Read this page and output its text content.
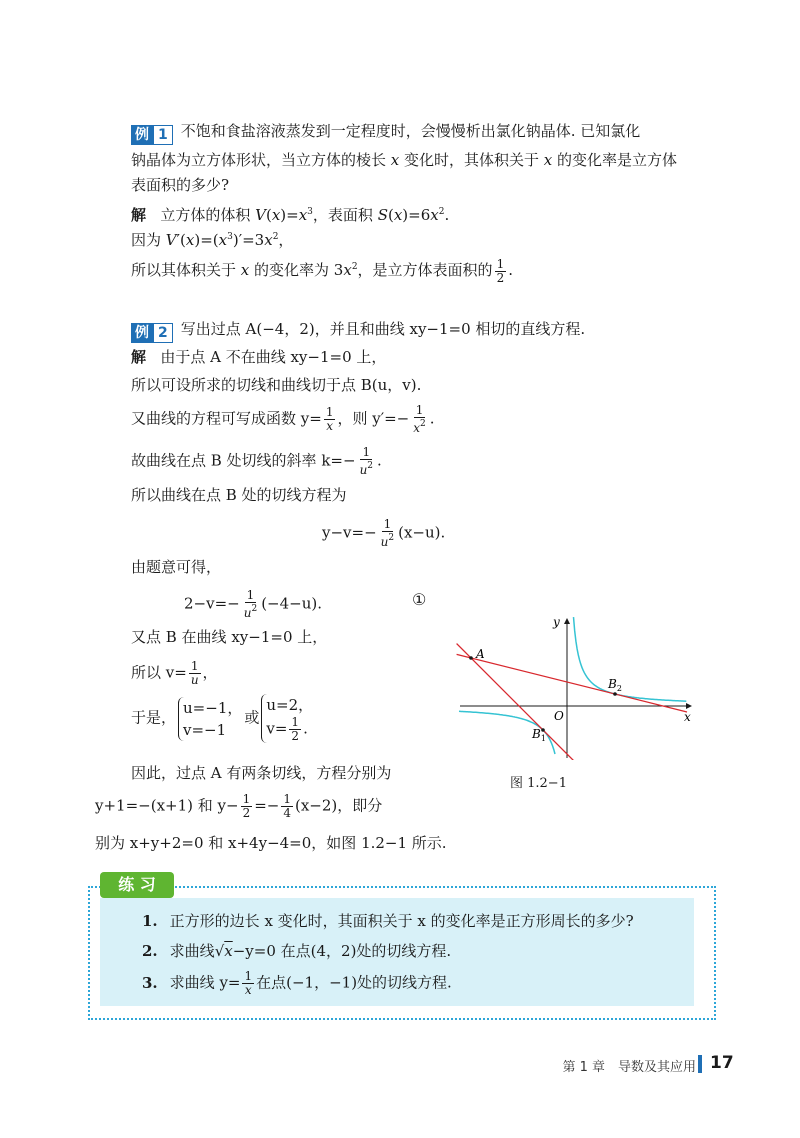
例 1 不饱和食盐溶液蒸发到一定程度时，会慢慢析出氯化钠晶体. 已知氯化
钠晶体为立方体形状，当立方体的棱长 x 变化时，其体积关于 x 的变化率是立方体
表面积的多少?
解 立方体的体积 $V(x)=x^3$，表面积 $S(x)=6x^2$.
因为 $V'(x)=(x^3)'=3x^2$，
所以其体积关于 x 的变化率为 $3x^2$，是立方体表面积的 $\frac{1}{2}$ .
例 2 写出过点 A(−4，2)，并且和曲线 xy−1=0 相切的直线方程.
解 由于点 A 不在曲线 xy−1=0 上，
所以可设所求的切线和曲线切于点 B(u，v).
又曲线的方程可写成函数 $y= \frac{1}{x}$ ，则 $y'=- \frac{1}{x^2}$ .
故曲线在点 B 处切线的斜率 $k=- \frac{1}{u^2}$ .
所以曲线在点 B 处的切线方程为
$y-v=- \frac{1}{u^2} (x-u)$.
由题意可得，
$2-v=- \frac{1}{u^2} (-4-u)$.	①
又点 B 在曲线 xy−1=0 上，
所以 $v= \frac{1}{u}$ ，
于是，
u=−1，
v=−1
或
u=2，
$v= \frac{1}{2}$ .
因此，过点 A 有两条切线，方程分别为
y+1=−(x+1) 和 $y- \frac{1}{2} =- \frac{1}{4} (x-2)$，即分
别为 x+y+2=0 和 x+4y−4=0，如图 1.2−1 所示.
y
x
O
A
$B_1$
$B_2$
图 1.2−1
练 习
1. 正方形的边长 x 变化时，其面积关于 x 的变化率是正方形周长的多少?
2. 求曲线√x−y=0 在点(4，2)处的切线方程.
3. 求曲线 $y= \frac{1}{x}$ 在点(−1，−1)处的切线方程.
第 1 章　导数及其应用 17
